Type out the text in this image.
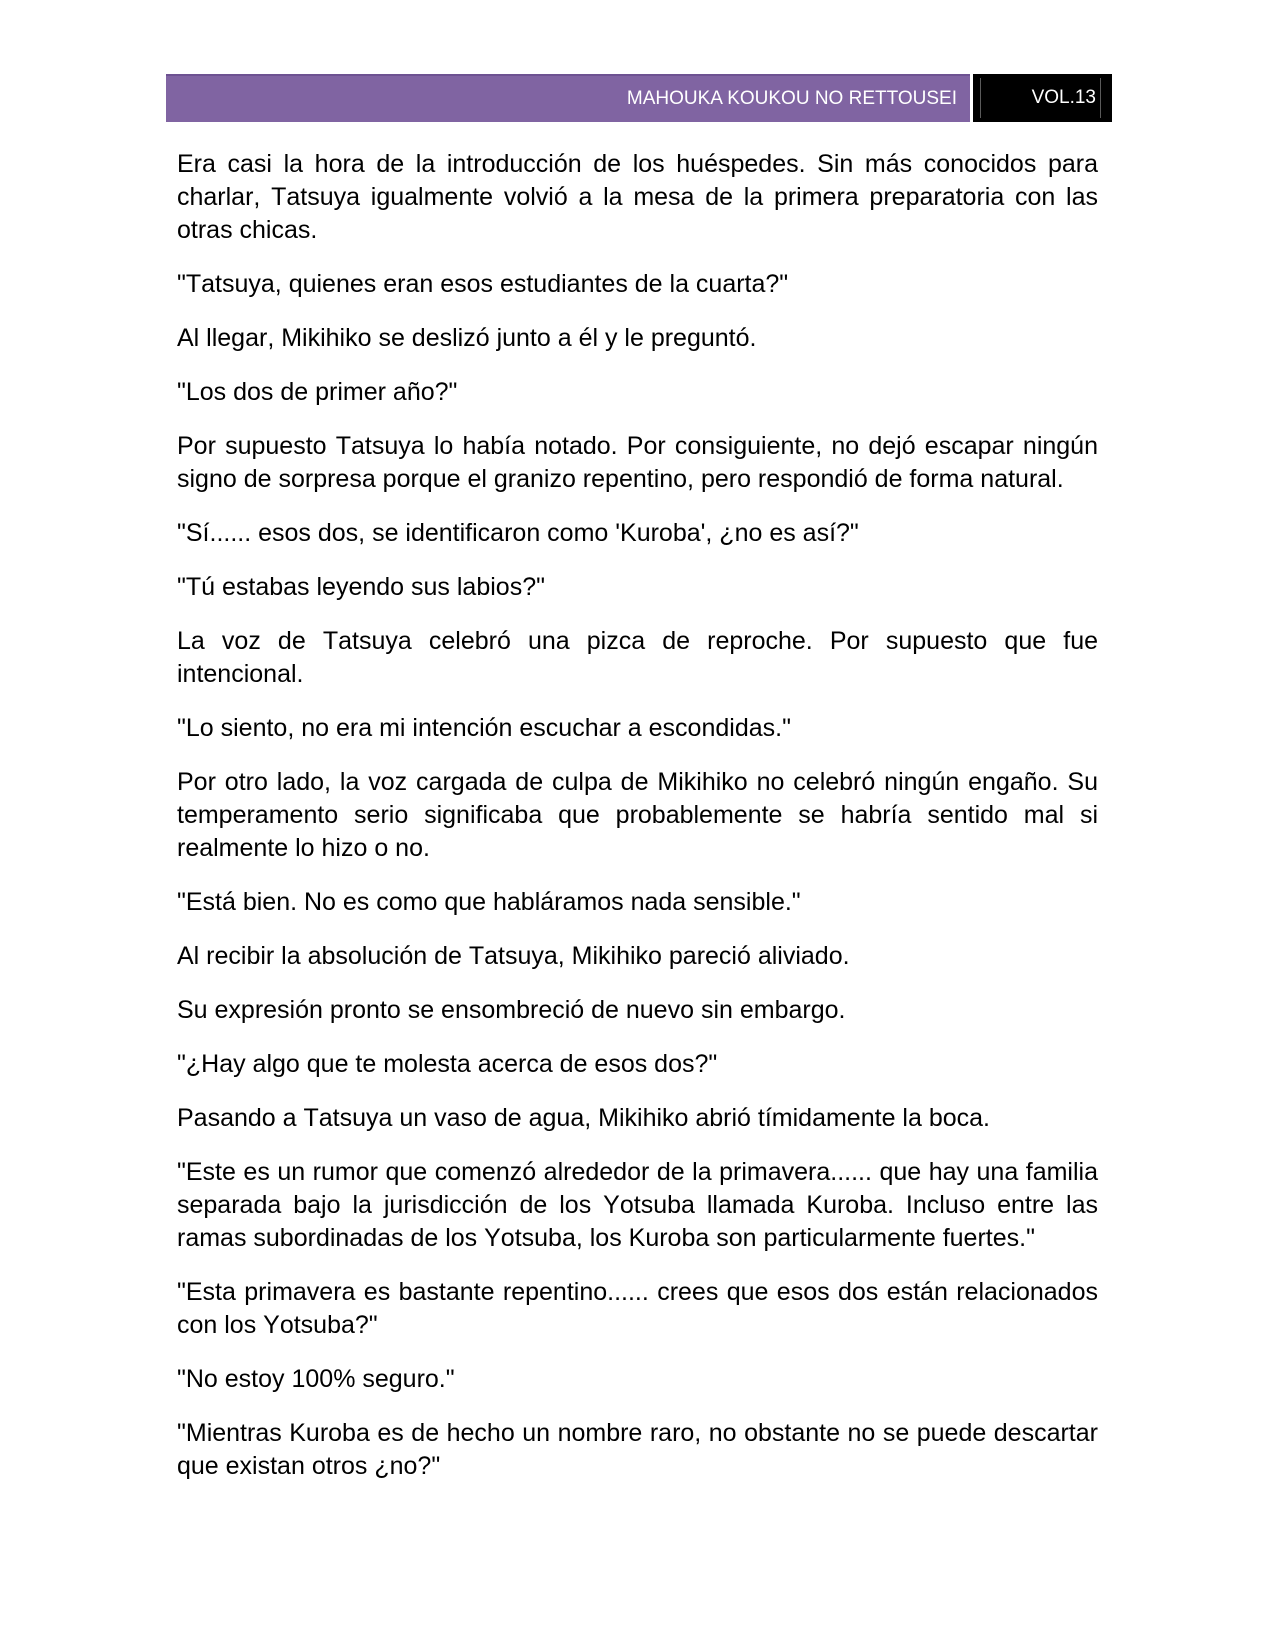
MAHOUKA KOUKOU NO RETTOUSEI	VOL.13

Era casi la hora de la introducción de los huéspedes. Sin más conocidos para charlar, Tatsuya igualmente volvió a la mesa de la primera preparatoria con las otras chicas.

"Tatsuya, quienes eran esos estudiantes de la cuarta?"

Al llegar, Mikihiko se deslizó junto a él y le preguntó.

"Los dos de primer año?"

Por supuesto Tatsuya lo había notado. Por consiguiente, no dejó escapar ningún signo de sorpresa porque el granizo repentino, pero respondió de forma natural.

"Sí...... esos dos, se identificaron como 'Kuroba', ¿no es así?"

"Tú estabas leyendo sus labios?"

La voz de Tatsuya celebró una pizca de reproche. Por supuesto que fue intencional.

"Lo siento, no era mi intención escuchar a escondidas."

Por otro lado, la voz cargada de culpa de Mikihiko no celebró ningún engaño. Su temperamento serio significaba que probablemente se habría sentido mal si realmente lo hizo o no.

"Está bien. No es como que habláramos nada sensible."

Al recibir la absolución de Tatsuya, Mikihiko pareció aliviado.

Su expresión pronto se ensombreció de nuevo sin embargo.

"¿Hay algo que te molesta acerca de esos dos?"

Pasando a Tatsuya un vaso de agua, Mikihiko abrió tímidamente la boca.

"Este es un rumor que comenzó alrededor de la primavera...... que hay una familia separada bajo la jurisdicción de los Yotsuba llamada Kuroba. Incluso entre las ramas subordinadas de los Yotsuba, los Kuroba son particularmente fuertes."

"Esta primavera es bastante repentino...... crees que esos dos están relacionados con los Yotsuba?"

"No estoy 100% seguro."

"Mientras Kuroba es de hecho un nombre raro, no obstante no se puede descartar que existan otros ¿no?"
